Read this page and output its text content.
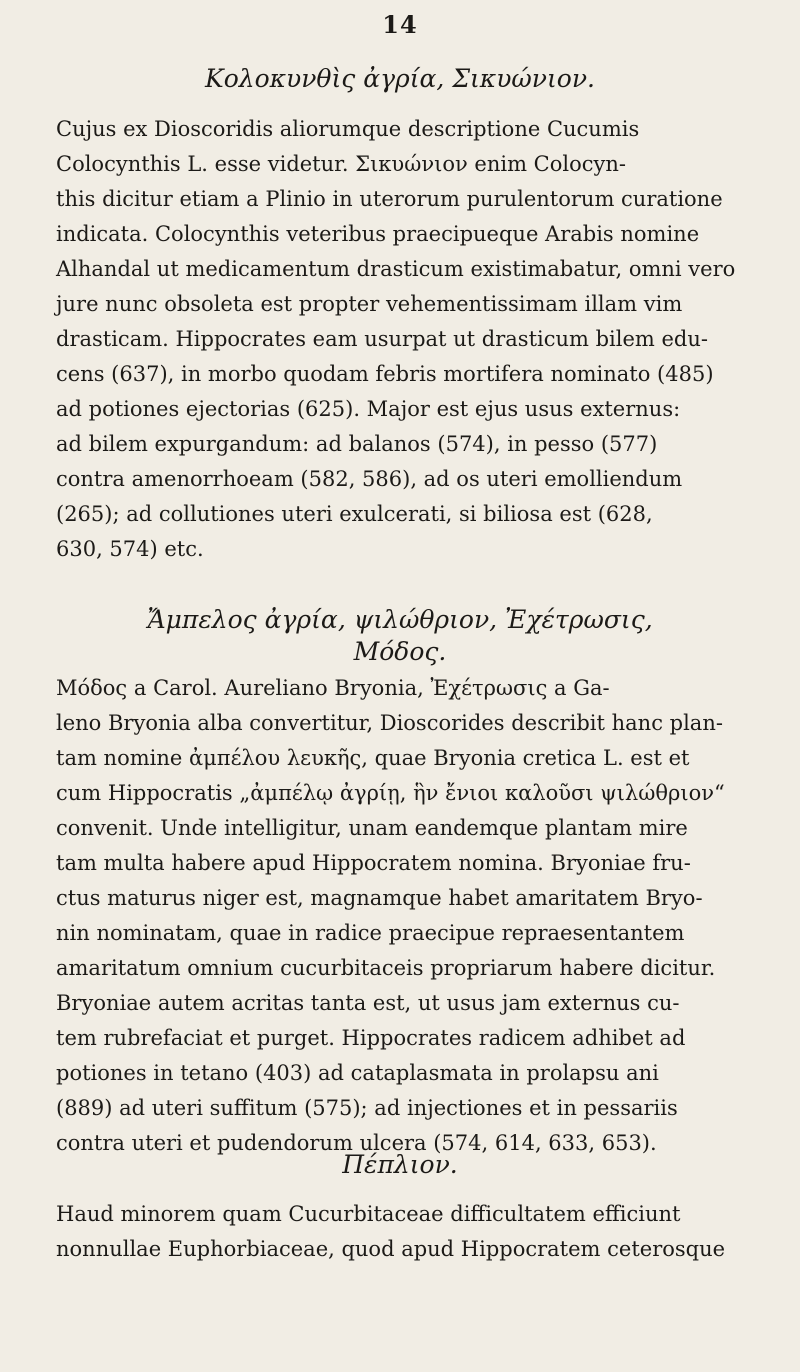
14
Κολοκυνθὶς ἀγρία, Σικυώνιον.
Cujus ex Dioscoridis aliorumque descriptione Cucumis
Colocynthis L. esse videtur. Σικυώνιον enim Colocyn-
this dicitur etiam a Plinio in uterorum purulentorum curatione
indicata. Colocynthis veteribus praecipueque Arabis nomine
Alhandal ut medicamentum drasticum existimabatur, omni vero
jure nunc obsoleta est propter vehementissimam illam vim
drasticam. Hippocrates eam usurpat ut drasticum bilem edu-
cens (637), in morbo quodam febris mortifera nominato (485)
ad potiones ejectorias (625). Major est ejus usus externus:
ad bilem expurgandum: ad balanos (574), in pesso (577)
contra amenorrhoeam (582, 586), ad os uteri emolliendum
(265); ad collutiones uteri exulcerati, si biliosa est (628,
630, 574) etc.
Ἄμπελος ἀγρία, ψιλώθριον, Ἐχέτρωσις,
Μόδος.
Μόδος a Carol. Aureliano Bryonia, Ἐχέτρωσις a Ga-
leno Bryonia alba convertitur, Dioscorides describit hanc plan-
tam nomine ἀμπέλου λευκῆς, quae Bryonia cretica L. est et
cum Hippocratis „ἀμπέλῳ ἀγρίῃ, ἣν ἔνιοι καλοῦσι ψιλώθριον“
convenit. Unde intelligitur, unam eandemque plantam mire
tam multa habere apud Hippocratem nomina. Bryoniae fru-
ctus maturus niger est, magnamque habet amaritatem Bryo-
nin nominatam, quae in radice praecipue repraesentantem
amaritatum omnium cucurbitaceis propriarum habere dicitur.
Bryoniae autem acritas tanta est, ut usus jam externus cu-
tem rubrefaciat et purget. Hippocrates radicem adhibet ad
potiones in tetano (403) ad cataplasmata in prolapsu ani
(889) ad uteri suffitum (575); ad injectiones et in pessariis
contra uteri et pudendorum ulcera (574, 614, 633, 653).
Πέπλιον.
Haud minorem quam Cucurbitaceae difficultatem efficiunt
nonnullae Euphorbiaceae, quod apud Hippocratem ceterosque
